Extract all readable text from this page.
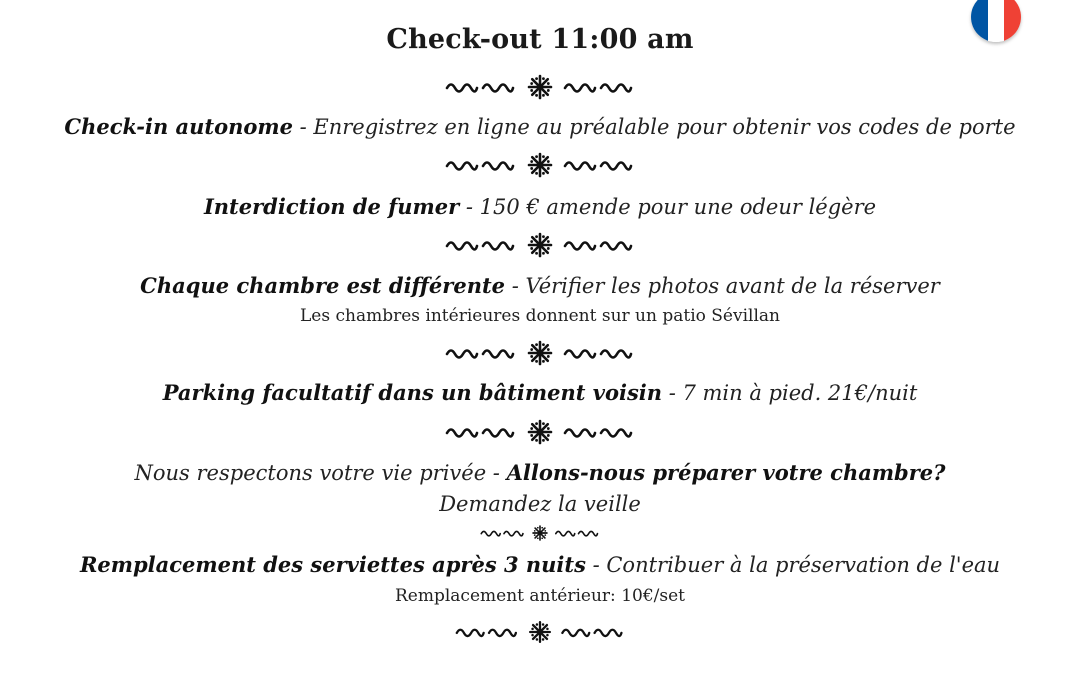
Check-out 11:00 am
Check-in autonome - Enregistrez en ligne au préalable pour obtenir vos codes de porte
Interdiction de fumer - 150 € amende pour une odeur légère
Chaque chambre est différente - Vérifier les photos avant de la réserver
Les chambres intérieures donnent sur un patio Sévillan
Parking facultatif dans un bâtiment voisin - 7 min à pied. 21€/nuit
Nous respectons votre vie privée - Allons-nous préparer votre chambre?
Demandez la veille
Remplacement des serviettes après 3 nuits - Contribuer à la préservation de l'eau
Remplacement antérieur: 10€/set
